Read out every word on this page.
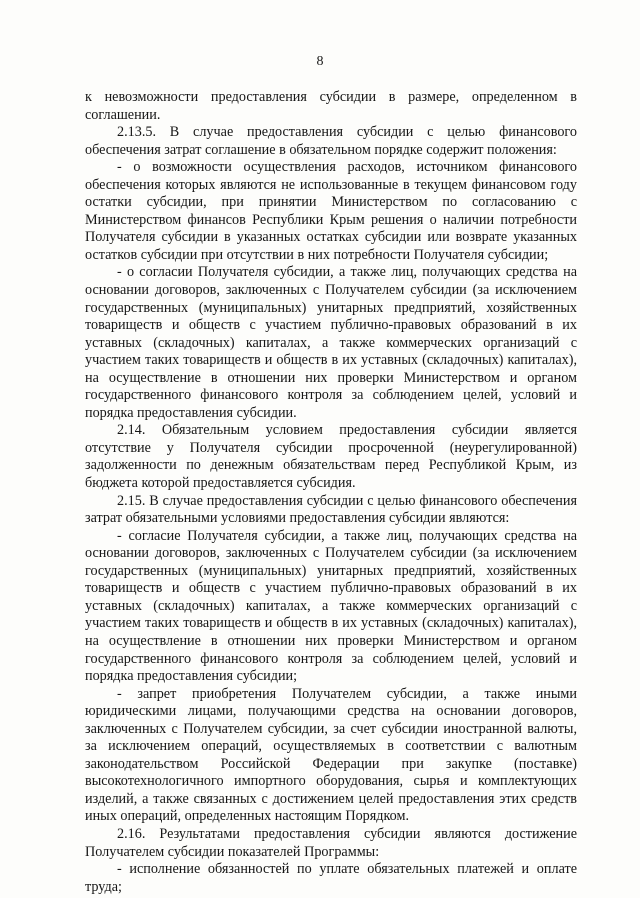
8

к невозможности предоставления субсидии в размере, определенном в соглашении.

2.13.5. В случае предоставления субсидии с целью финансового обеспечения затрат соглашение в обязательном порядке содержит положения:

- о возможности осуществления расходов, источником финансового обеспечения которых являются не использованные в текущем финансовом году остатки субсидии, при принятии Министерством по согласованию с Министерством финансов Республики Крым решения о наличии потребности Получателя субсидии в указанных остатках субсидии или возврате указанных остатков субсидии при отсутствии в них потребности Получателя субсидии;

- о согласии Получателя субсидии, а также лиц, получающих средства на основании договоров, заключенных с Получателем субсидии (за исключением государственных (муниципальных) унитарных предприятий, хозяйственных товариществ и обществ с участием публично-правовых образований в их уставных (складочных) капиталах, а также коммерческих организаций с участием таких товариществ и обществ в их уставных (складочных) капиталах), на осуществление в отношении них проверки Министерством и органом государственного финансового контроля за соблюдением целей, условий и порядка предоставления субсидии.

2.14. Обязательным условием предоставления субсидии является отсутствие у Получателя субсидии просроченной (неурегулированной) задолженности по денежным обязательствам перед Республикой Крым, из бюджета которой предоставляется субсидия.

2.15. В случае предоставления субсидии с целью финансового обеспечения затрат обязательными условиями предоставления субсидии являются:

- согласие Получателя субсидии, а также лиц, получающих средства на основании договоров, заключенных с Получателем субсидии (за исключением государственных (муниципальных) унитарных предприятий, хозяйственных товариществ и обществ с участием публично-правовых образований в их уставных (складочных) капиталах, а также коммерческих организаций с участием таких товариществ и обществ в их уставных (складочных) капиталах), на осуществление в отношении них проверки Министерством и органом государственного финансового контроля за соблюдением целей, условий и порядка предоставления субсидии;

- запрет приобретения Получателем субсидии, а также иными юридическими лицами, получающими средства на основании договоров, заключенных с Получателем субсидии, за счет субсидии иностранной валюты, за исключением операций, осуществляемых в соответствии с валютным законодательством Российской Федерации при закупке (поставке) высокотехнологичного импортного оборудования, сырья и комплектующих изделий, а также связанных с достижением целей предоставления этих средств иных операций, определенных настоящим Порядком.

2.16. Результатами предоставления субсидии являются достижение Получателем субсидии показателей Программы:

- исполнение обязанностей по уплате обязательных платежей и оплате труда;
